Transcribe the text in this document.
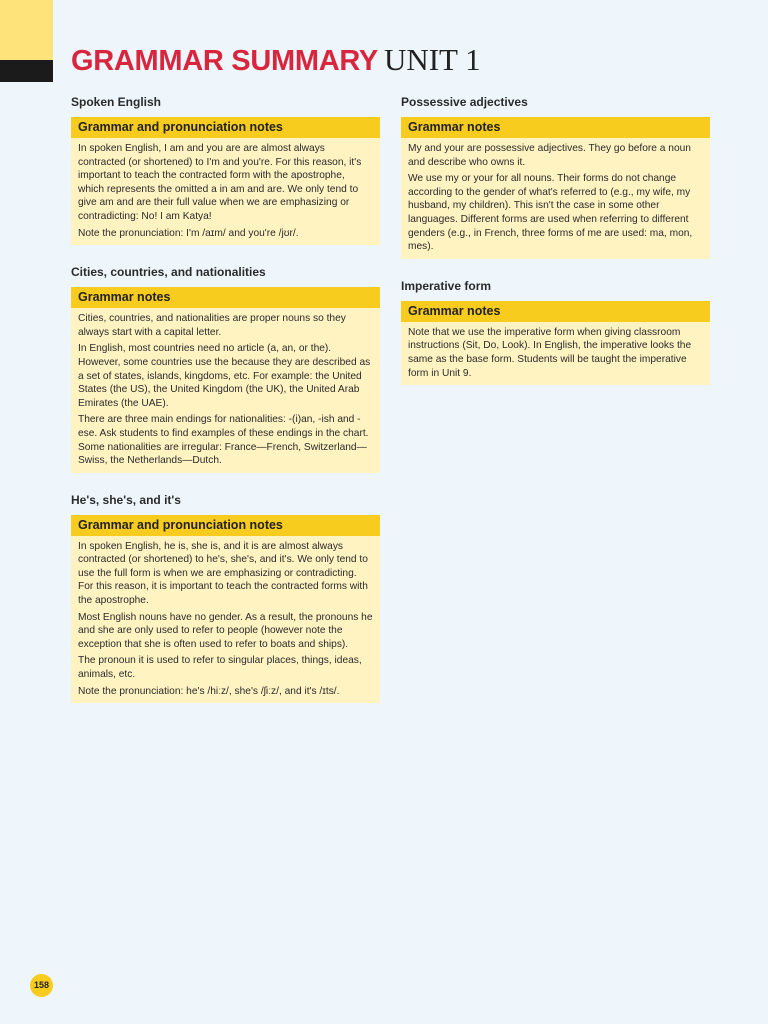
GRAMMAR SUMMARY UNIT 1
Spoken English
Grammar and pronunciation notes

In spoken English, I am and you are are almost always contracted (or shortened) to I'm and you're. For this reason, it's important to teach the contracted form with the apostrophe, which represents the omitted a in am and are. We only tend to give am and are their full value when we are emphasizing or contradicting: No! I am Katya!

Note the pronunciation: I'm /aɪm/ and you're /jʊr/.

Cities, countries, and nationalities
Grammar notes

Cities, countries, and nationalities are proper nouns so they always start with a capital letter.

In English, most countries need no article (a, an, or the). However, some countries use the because they are described as a set of states, islands, kingdoms, etc. For example: the United States (the US), the United Kingdom (the UK), the United Arab Emirates (the UAE).

There are three main endings for nationalities: -(i)an, -ish and -ese. Ask students to find examples of these endings in the chart. Some nationalities are irregular: France—French, Switzerland—Swiss, the Netherlands—Dutch.

He's, she's, and it's
Grammar and pronunciation notes

In spoken English, he is, she is, and it is are almost always contracted (or shortened) to he's, she's, and it's. We only tend to use the full form is when we are emphasizing or contradicting. For this reason, it is important to teach the contracted forms with the apostrophe.

Most English nouns have no gender. As a result, the pronouns he and she are only used to refer to people (however note the exception that she is often used to refer to boats and ships).

The pronoun it is used to refer to singular places, things, ideas, animals, etc.

Note the pronunciation: he's /hiːz/, she's /ʃiːz/, and it's /ɪts/.

Possessive adjectives
Grammar notes

My and your are possessive adjectives. They go before a noun and describe who owns it.

We use my or your for all nouns. Their forms do not change according to the gender of what's referred to (e.g., my wife, my husband, my children). This isn't the case in some other languages. Different forms are used when referring to different genders (e.g., in French, three forms of me are used: ma, mon, mes).

Imperative form
Grammar notes

Note that we use the imperative form when giving classroom instructions (Sit, Do, Look). In English, the imperative looks the same as the base form. Students will be taught the imperative form in Unit 9.

158
